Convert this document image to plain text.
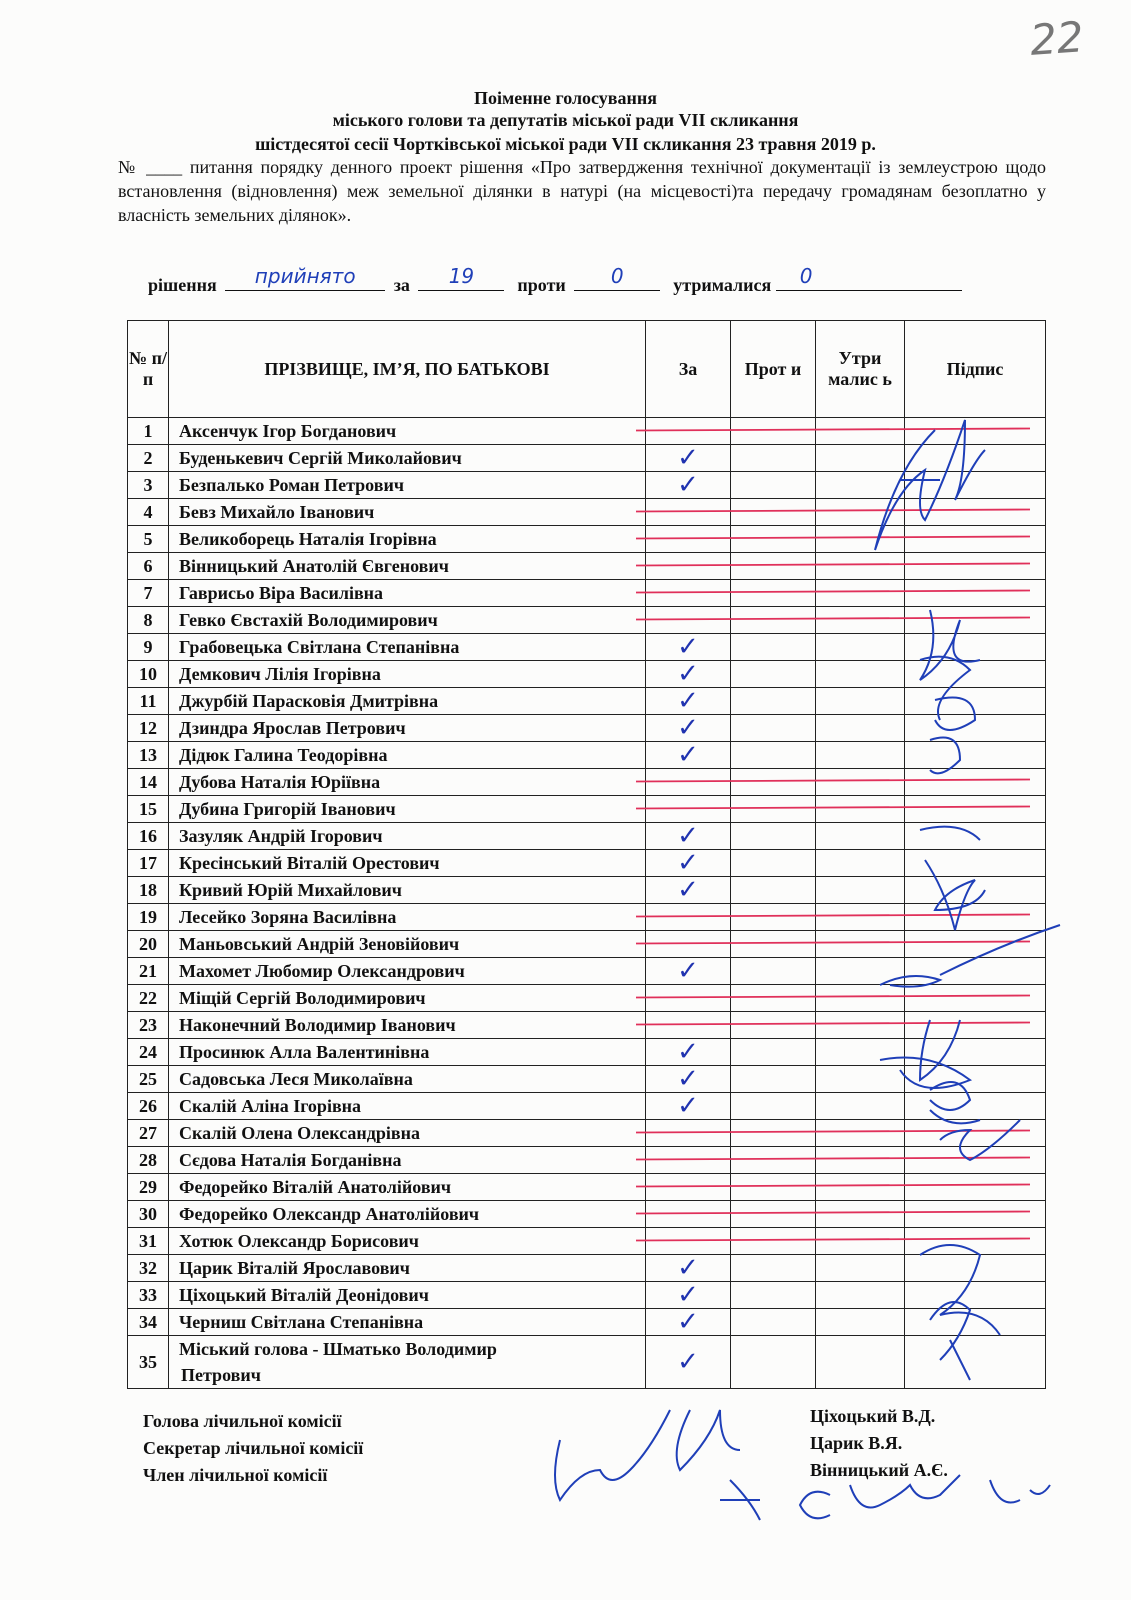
22
Поіменне голосування
міського голови та депутатів міської ради VII скликання
шістдесятої сесії Чортківської міської ради VII скликання 23 травня 2019 р.
№ ____ питання порядку денного проект рішення «Про затвердження технічної документації із землеустрою щодо встановлення (відновлення) меж земельної ділянки в натурі (на місцевості)та передачу громадянам безоплатно у власність земельних ділянок».
рішення	прийнято	за	19	проти	0	утрималися	0
№ п/п	ПРІЗВИЩЕ, ІМ’Я, ПО БАТЬКОВІ	За	Прот и	Утри малис ь	Підпис
1	Аксенчук Ігор Богданович				
2	Буденькевич Сергій Миколайович	✓			
3	Безпалько Роман Петрович	✓			
4	Бевз Михайло Іванович				
5	Великоборець Наталія Ігорівна				
6	Вінницький Анатолій Євгенович				
7	Гаврисьо Віра Василівна				
8	Гевко Євстахій Володимирович				
9	Грабовецька Світлана Степанівна	✓			
10	Демкович Лілія Ігорівна	✓			
11	Джурбій Парасковія Дмитрівна	✓			
12	Дзиндра Ярослав Петрович	✓			
13	Дідюк Галина Теодорівна	✓			
14	Дубова Наталія Юріївна				
15	Дубина Григорій Іванович				
16	Зазуляк Андрій Ігорович	✓			
17	Кресінський Віталій Орестович	✓			
18	Кривий Юрій Михайлович	✓			
19	Лесейко Зоряна Василівна				
20	Маньовський Андрій Зеновійович				
21	Махомет Любомир Олександрович	✓			
22	Міщій Сергій Володимирович				
23	Наконечний Володимир Іванович				
24	Просинюк Алла Валентинівна	✓			
25	Садовська Леся Миколаївна	✓			
26	Скалій Аліна Ігорівна	✓			
27	Скалій Олена Олександрівна				
28	Сєдова Наталія Богданівна				
29	Федорейко Віталій Анатолійович				
30	Федорейко Олександр Анатолійович				
31	Хотюк Олександр Борисович				
32	Царик Віталій Ярославович	✓			
33	Ціхоцький Віталій Деонідович	✓			
34	Черниш Світлана Степанівна	✓			
35	Міський голова - Шматько Володимир
Петрович	✓			
Голова лічильної комісії
Секретар лічильної комісії
Член лічильної комісії
Ціхоцький В.Д.
Царик В.Я.
Вінницький А.Є.
